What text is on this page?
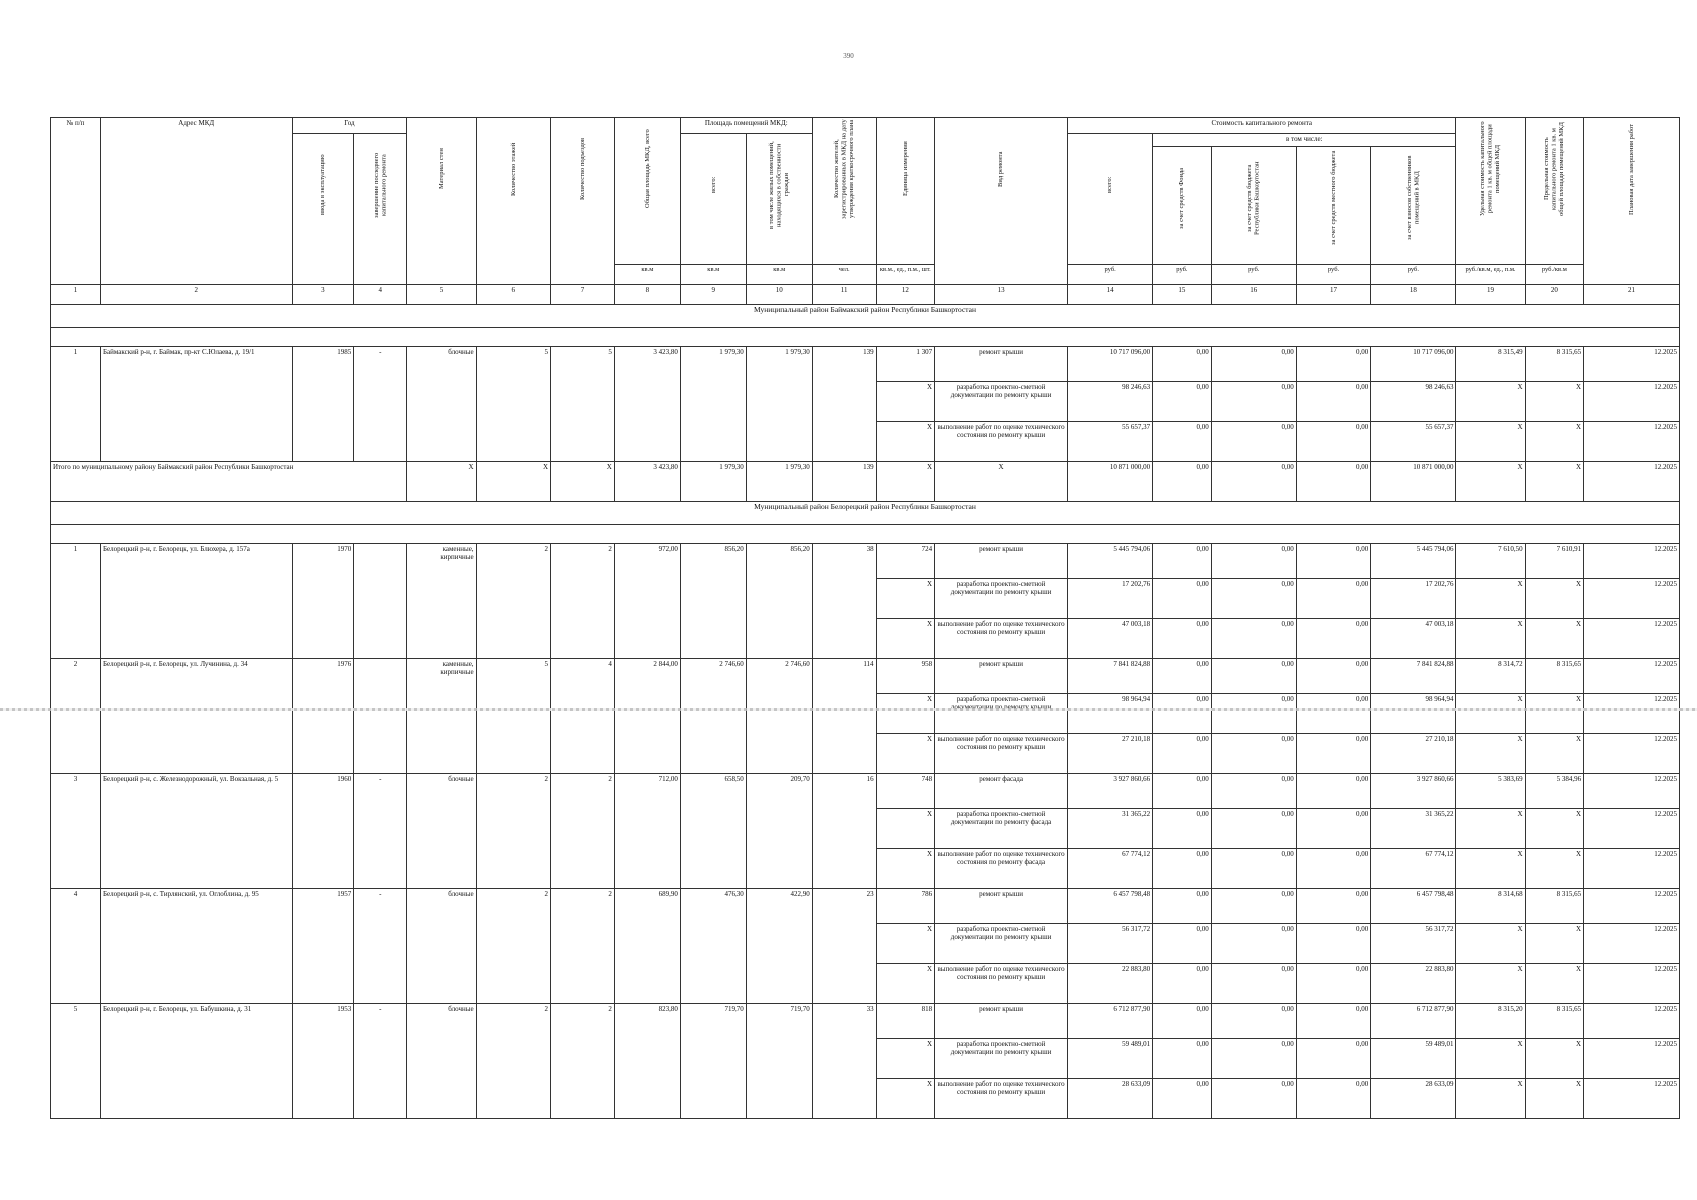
390
№ п/п	Адрес МКД	Год		Материал стен	Количество этажей	Количество подъездов	Общая площадь МКД, всего	Площадь помещений МКД:		Количество жителей, зарегистрированных в МКД на дату утверждения краткосрочного плана	Единица измерения	Вид ремонта	Стоимость капитального ремонта					Удельная стоимость капитального ремонта 1 кв. м общей площади помещений МКД	Предельная стоимость капитального ремонта 1 кв. м общей площади помещений МКД	Плановая дата завершения работ

		ввода в эксплуатацию	завершение последнего капитального ремонта					всего:	в том числе жилых помещений, находящихся в собственности граждан				всего:	в том числе:						

														за счет средств Фонда	за счет средств бюджета Республики Башкортостан	за счет средств местного бюджета	за счет взносов собственников помещений в МКД			

							кв.м	кв.м	кв.м	чел.	кв.м., ед., п.м., шт.		руб.	руб.	руб.	руб.	руб.	руб./кв.м, ед., п.м.	руб./кв.м	
1	2	3	4	5	6	7	8	9	10	11	12	13	14	15	16	17	18	19	20	21
Муниципальный район Баймакский район Республики Башкортостан																				

1	Баймакский р-н, г. Баймак, пр-кт С.Юлаева, д. 19/1	1985	-	блочные	5	5	3 423,80	1 979,30	1 979,30	139	1 307	ремонт крыши	10 717 096,00	0,00	0,00	0,00	10 717 096,00	8 315,49	8 315,65	12.2025
											X	разработка проектно-сметной документации по ремонту крыши	98 246,63	0,00	0,00	0,00	98 246,63	X	X	12.2025
											X	выполнение работ по оценке технического состояния по ремонту крыши	55 657,37	0,00	0,00	0,00	55 657,37	X	X	12.2025
Итого по муниципальному району Баймакский район Республики Башкортостан				X	X	X	3 423,80	1 979,30	1 979,30	139	X	X	10 871 000,00	0,00	0,00	0,00	10 871 000,00	X	X	12.2025
Муниципальный район Белорецкий район Республики Башкортостан																				

1	Белорецкий р-н, г. Белорецк, ул. Блюхера, д. 157а	1970		каменные, кирпичные	2	2	972,00	856,20	856,20	38	724	ремонт крыши	5 445 794,06	0,00	0,00	0,00	5 445 794,06	7 610,50	7 610,91	12.2025
											X	разработка проектно-сметной документации по ремонту крыши	17 202,76	0,00	0,00	0,00	17 202,76	X	X	12.2025
											X	выполнение работ по оценке технического состояния по ремонту крыши	47 003,18	0,00	0,00	0,00	47 003,18	X	X	12.2025
2	Белорецкий р-н, г. Белорецк, ул. Лучинина, д. 34	1976		каменные, кирпичные	5	4	2 844,00	2 746,60	2 746,60	114	958	ремонт крыши	7 841 824,88	0,00	0,00	0,00	7 841 824,88	8 314,72	8 315,65	12.2025
											X	разработка проектно-сметной	98 964,94	0,00	0,00	0,00	98 964,94	X	X	12.2025
											X	выполнение работ по оценке технического состояния по ремонту крыши	27 210,18	0,00	0,00	0,00	27 210,18	X	X	12.2025
3	Белорецкий р-н, с. Железнодорожный, ул. Вокзальная, д. 5	1960	-	блочные	2	2	712,00	658,50	209,70	16	748	ремонт фасада	3 927 860,66	0,00	0,00	0,00	3 927 860,66	5 383,69	5 384,96	12.2025
											X	разработка проектно-сметной документации по ремонту фасада	31 365,22	0,00	0,00	0,00	31 365,22	X	X	12.2025
											X	выполнение работ по оценке технического состояния по ремонту фасада	67 774,12	0,00	0,00	0,00	67 774,12	X	X	12.2025
4	Белорецкий р-н, с. Тирлянский, ул. Оглоблина, д. 95	1957	-	блочные	2	2	689,90	476,30	422,90	23	786	ремонт крыши	6 457 798,48	0,00	0,00	0,00	6 457 798,48	8 314,68	8 315,65	12.2025
											X	разработка проектно-сметной документации по ремонту крыши	56 317,72	0,00	0,00	0,00	56 317,72	X	X	12.2025
											X	выполнение работ по оценке технического состояния по ремонту крыши	22 883,80	0,00	0,00	0,00	22 883,80	X	X	12.2025
5	Белорецкий р-н, г. Белорецк, ул. Бабушкина, д. 31	1953	-	блочные	2	2	823,80	719,70	719,70	33	818	ремонт крыши	6 712 877,90	0,00	0,00	0,00	6 712 877,90	8 315,20	8 315,65	12.2025
											X	разработка проектно-сметной документации по ремонту крыши	59 489,01	0,00	0,00	0,00	59 489,01	X	X	12.2025
											X	выполнение работ по оценке технического состояния по ремонту крыши	28 633,09	0,00	0,00	0,00	28 633,09	X	X	12.2025
